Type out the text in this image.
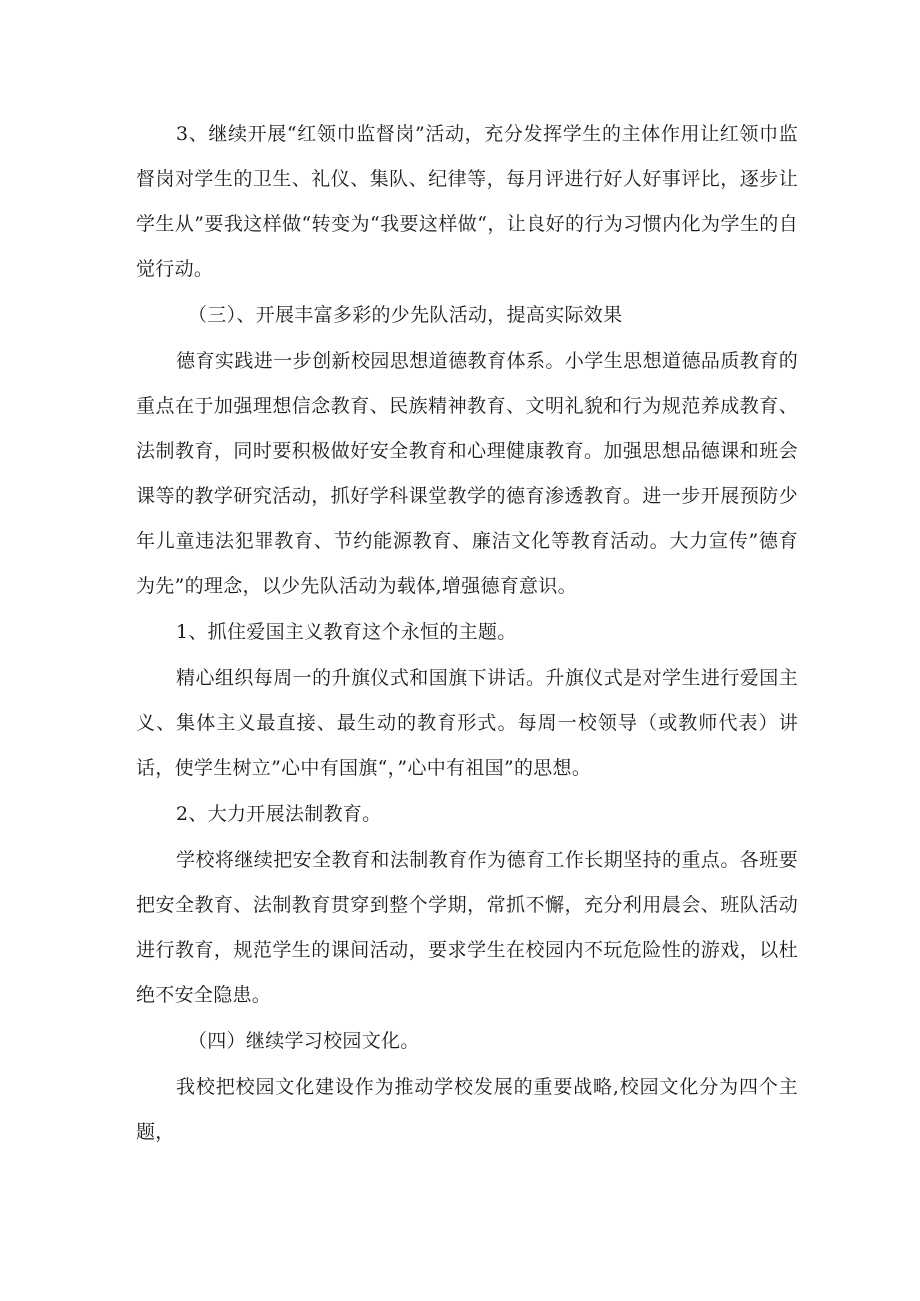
3、继续开展“红领巾监督岗”活动，充分发挥学生的主体作用让红领巾监督岗对学生的卫生、礼仪、集队、纪律等，每月评进行好人好事评比，逐步让学生从”要我这样做“转变为“我要这样做“，让良好的行为习惯内化为学生的自觉行动。

（三）、开展丰富多彩的少先队活动，提高实际效果

德育实践进一步创新校园思想道德教育体系。小学生思想道德品质教育的重点在于加强理想信念教育、民族精神教育、文明礼貌和行为规范养成教育、法制教育，同时要积极做好安全教育和心理健康教育。加强思想品德课和班会课等的教学研究活动，抓好学科课堂教学的德育渗透教育。进一步开展预防少年儿童违法犯罪教育、节约能源教育、廉洁文化等教育活动。大力宣传”德育为先”的理念，以少先队活动为载体,增强德育意识。

1、抓住爱国主义教育这个永恒的主题。

精心组织每周一的升旗仪式和国旗下讲话。升旗仪式是对学生进行爱国主义、集体主义最直接、最生动的教育形式。每周一校领导（或教师代表）讲话，使学生树立”心中有国旗“，”心中有祖国”的思想。

2、大力开展法制教育。

学校将继续把安全教育和法制教育作为德育工作长期坚持的重点。各班要把安全教育、法制教育贯穿到整个学期，常抓不懈，充分利用晨会、班队活动进行教育，规范学生的课间活动，要求学生在校园内不玩危险性的游戏，以杜绝不安全隐患。

（四）继续学习校园文化。

我校把校园文化建设作为推动学校发展的重要战略,校园文化分为四个主题，
